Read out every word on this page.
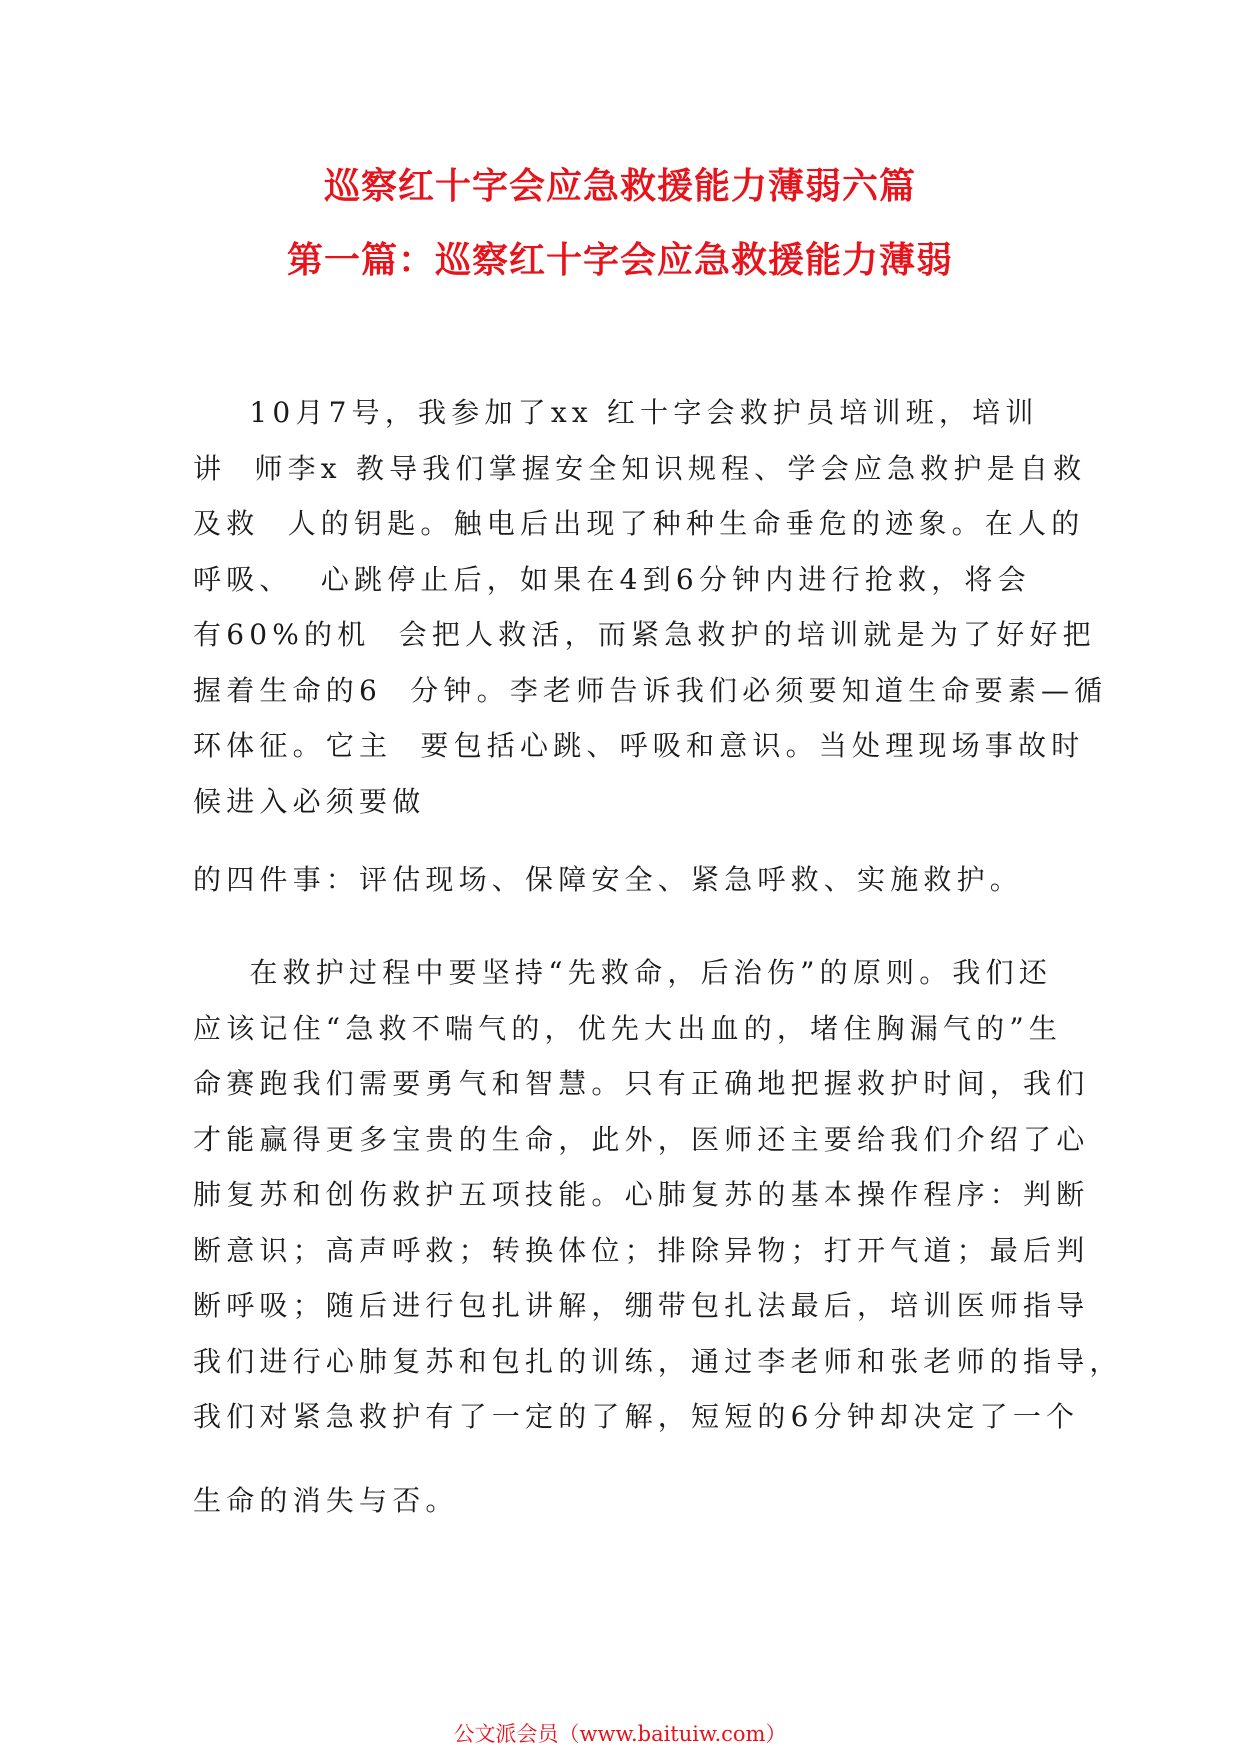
巡察红十字会应急救援能力薄弱六篇
第一篇：巡察红十字会应急救援能力薄弱
10月7号，我参加了xx 红十字会救护员培训班，培训
讲  师李x 教导我们掌握安全知识规程、学会应急救护是自救
及救  人的钥匙。触电后出现了种种生命垂危的迹象。在人的
呼吸、  心跳停止后，如果在4到6分钟内进行抢救，将会
有60%的机  会把人救活，而紧急救护的培训就是为了好好把
握着生命的6  分钟。李老师告诉我们必须要知道生命要素—循
环体征。它主  要包括心跳、呼吸和意识。当处理现场事故时
候进入必须要做
的四件事：评估现场、保障安全、紧急呼救、实施救护。
在救护过程中要坚持“先救命，后治伤”的原则。我们还
应该记住“急救不喘气的，优先大出血的，堵住胸漏气的”生
命赛跑我们需要勇气和智慧。只有正确地把握救护时间，我们
才能赢得更多宝贵的生命，此外，医师还主要给我们介绍了心
肺复苏和创伤救护五项技能。心肺复苏的基本操作程序：判断
断意识；高声呼救；转换体位；排除异物；打开气道；最后判
断呼吸；随后进行包扎讲解，绷带包扎法最后，培训医师指导
我们进行心肺复苏和包扎的训练，通过李老师和张老师的指导，
我们对紧急救护有了一定的了解，短短的6分钟却决定了一个
生命的消失与否。
公文派会员（www.baituiw.com）
